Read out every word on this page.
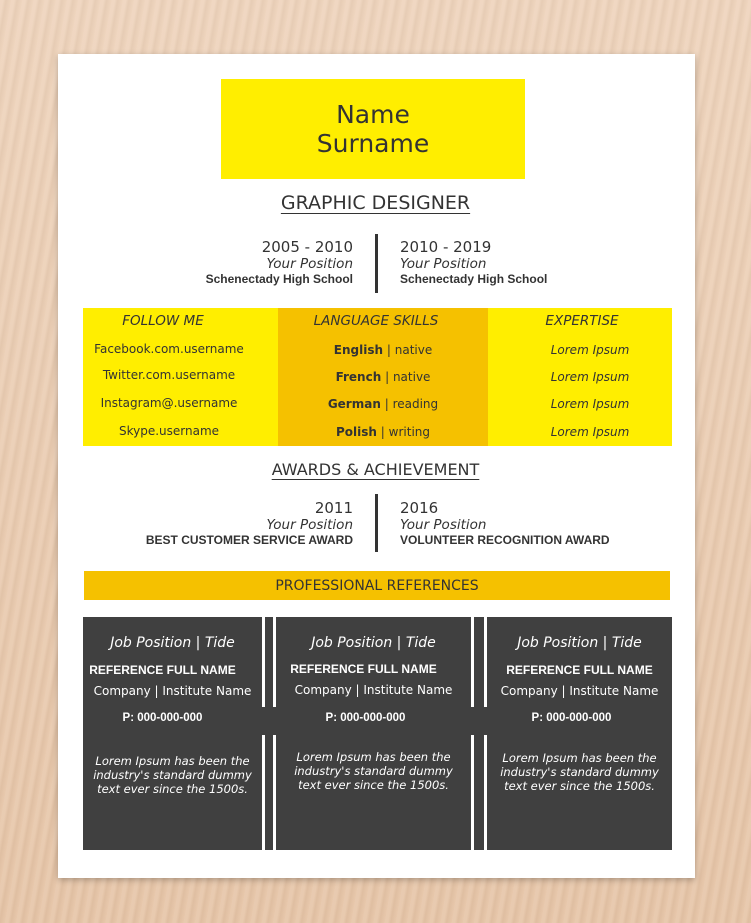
Name
Surname
GRAPHIC DESIGNER
2005 - 2010
Your Position
Schenectady High School
2010 - 2019
Your Position
Schenectady High School
FOLLOW ME	LANGUAGE SKILLS	EXPERTISE
Facebook.com.username
Twitter.com.username
Instagram@.username
Skype.username
English | native
French | native
German | reading
Polish | writing
Lorem Ipsum
Lorem Ipsum
Lorem Ipsum
Lorem Ipsum
AWARDS & ACHIEVEMENT
2011
Your Position
BEST CUSTOMER SERVICE AWARD
2016
Your Position
VOLUNTEER RECOGNITION AWARD
PROFESSIONAL REFERENCES
Job Position | Tide
REFERENCE FULL NAME
Company | Institute Name
P: 000-000-000
Lorem Ipsum has been the
industry's standard dummy
text ever since the 1500s.
Job Position | Tide
REFERENCE FULL NAME
Company | Institute Name
P: 000-000-000
Lorem Ipsum has been the
industry's standard dummy
text ever since the 1500s.
Job Position | Tide
REFERENCE FULL NAME
Company | Institute Name
P: 000-000-000
Lorem Ipsum has been the
industry's standard dummy
text ever since the 1500s.
